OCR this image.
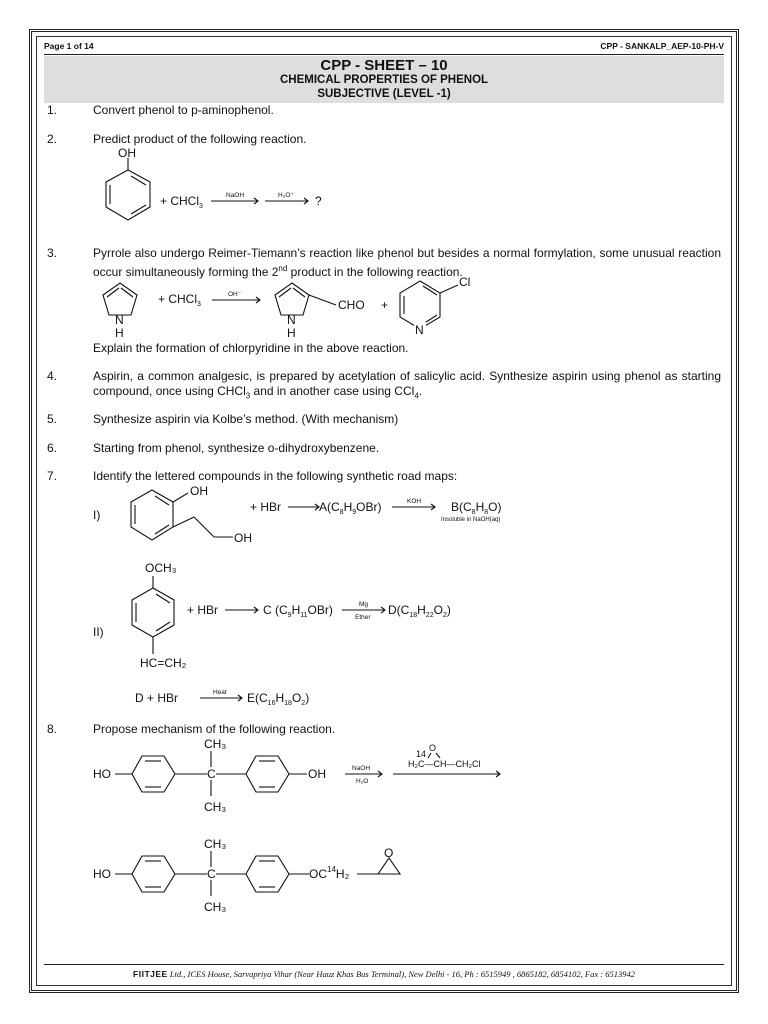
Page 1 of 14	CPP - SANKALP_AEP-10-PH-V
CPP - SHEET – 10
CHEMICAL PROPERTIES OF PHENOL
SUBJECTIVE (LEVEL -1)
1.	Convert phenol to p-aminophenol.
2.	Predict product of the following reaction.
3.	Pyrrole also undergo Reimer-Tiemann’s reaction like phenol but besides a normal formylation, some unusual reaction occur simultaneously forming the 2nd product in the following reaction.
Explain the formation of chlorpyridine in the above reaction.
4.	Aspirin, a common analgesic, is prepared by acetylation of salicylic acid. Synthesize aspirin using phenol as starting compound, once using CHCl$_3$ and in another case using CCl$_4$.
5.	Synthesize aspirin via Kolbe’s method. (With mechanism)
6.	Starting from phenol, synthesize o-dihydroxybenzene.
7.	Identify the lettered compounds in the following synthetic road maps:
8.	Propose mechanism of the following reaction.
OH
+ CHCl$_3$
NaOH	H₃O⁺ ?
N
H
+ CHCl$_3$
OH⁻
N
H
CHO +
Cl
N
I)
OH
OH
+ HBr	$A(C_8H_9OBr)$	KOH $B(C_8H_8O)$
Insoluble in NaOH(aq)
II)
OCH₃
HC=CH₂
+ HBr	C $(C_9H_{11}OBr)$	Mg
Ether
$D(C_{18}H_{22}O_2)$
D + HBr	Heat $E(C_{16}H_{18}O_2)$
HO	C
CH₃
CH₃
OH	NaOH
H₂O
14
O
H₂C—CH—CH₂Cl
HO	C
CH₃
CH₃
OC$^{14}$H₂
O
FIITJEE Ltd., ICES House, Sarvapriya Vihar (Near Hauz Khas Bus Terminal), New Delhi - 16, Ph : 6515949 , 6865182, 6854102, Fax : 6513942
